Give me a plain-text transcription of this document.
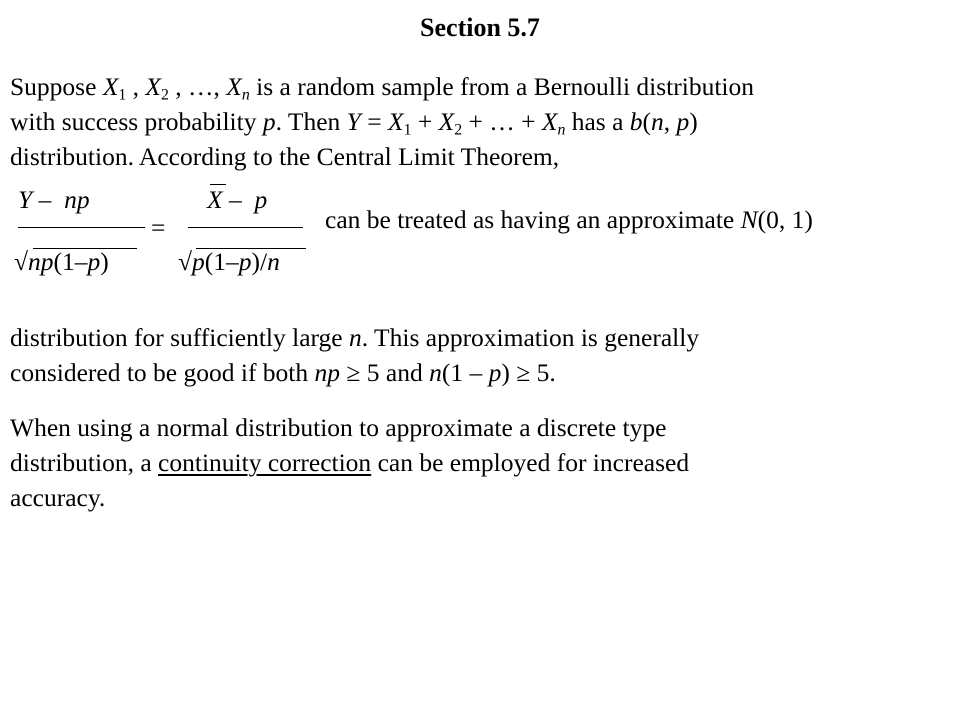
Section 5.7
Suppose $X_1$ , $X_2$ , …, $X_n$ is a random sample from a Bernoulli distribution
with success probability p. Then $Y = X_1 + X_2$ + … + $X_n$ has a b(n, p)
distribution. According to the Central Limit Theorem,
Y –  np
√np(1–p)
=
X –  p
√p(1–p)/n
can be treated as having an approximate N(0, 1)
distribution for sufficiently large n. This approximation is generally
considered to be good if both np ≥ 5 and n(1 – p) ≥ 5.
When using a normal distribution to approximate a discrete type
distribution, a continuity correction can be employed for increased
accuracy.
